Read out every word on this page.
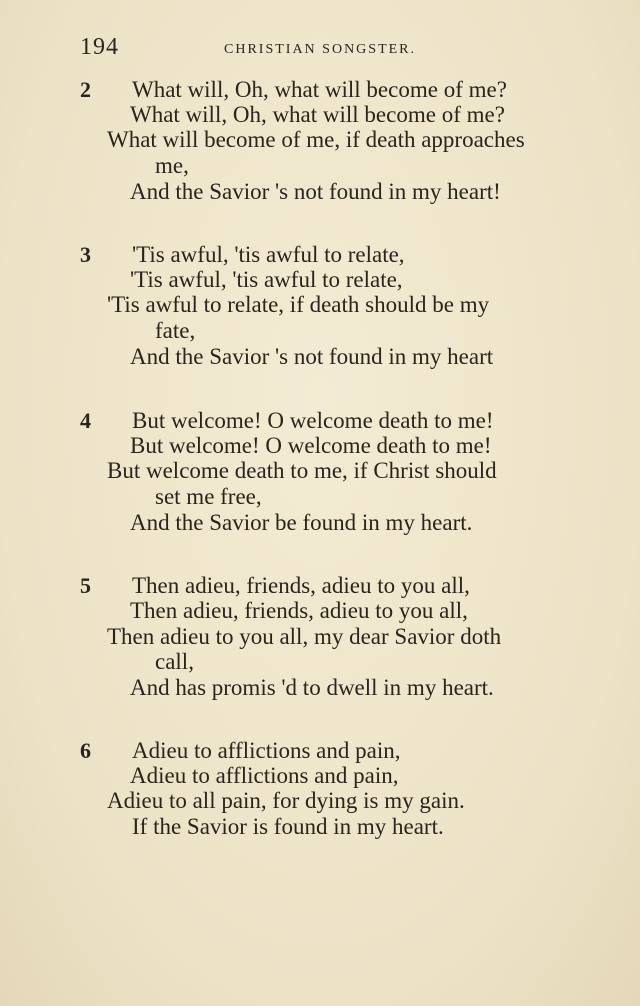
194	CHRISTIAN SONGSTER.
2 What will, Oh, what will become of me?
What will, Oh, what will become of me?
What will become of me, if death approaches
me,
And the Savior 's not found in my heart!
3 'Tis awful, 'tis awful to relate,
'Tis awful, 'tis awful to relate,
'Tis awful to relate, if death should be my
fate,
And the Savior 's not found in my heart
4 But welcome! O welcome death to me!
But welcome! O welcome death to me!
But welcome death to me, if Christ should
set me free,
And the Savior be found in my heart.
5 Then adieu, friends, adieu to you all,
Then adieu, friends, adieu to you all,
Then adieu to you all, my dear Savior doth
call,
And has promis 'd to dwell in my heart.
6 Adieu to afflictions and pain,
Adieu to afflictions and pain,
Adieu to all pain, for dying is my gain.
If the Savior is found in my heart.
